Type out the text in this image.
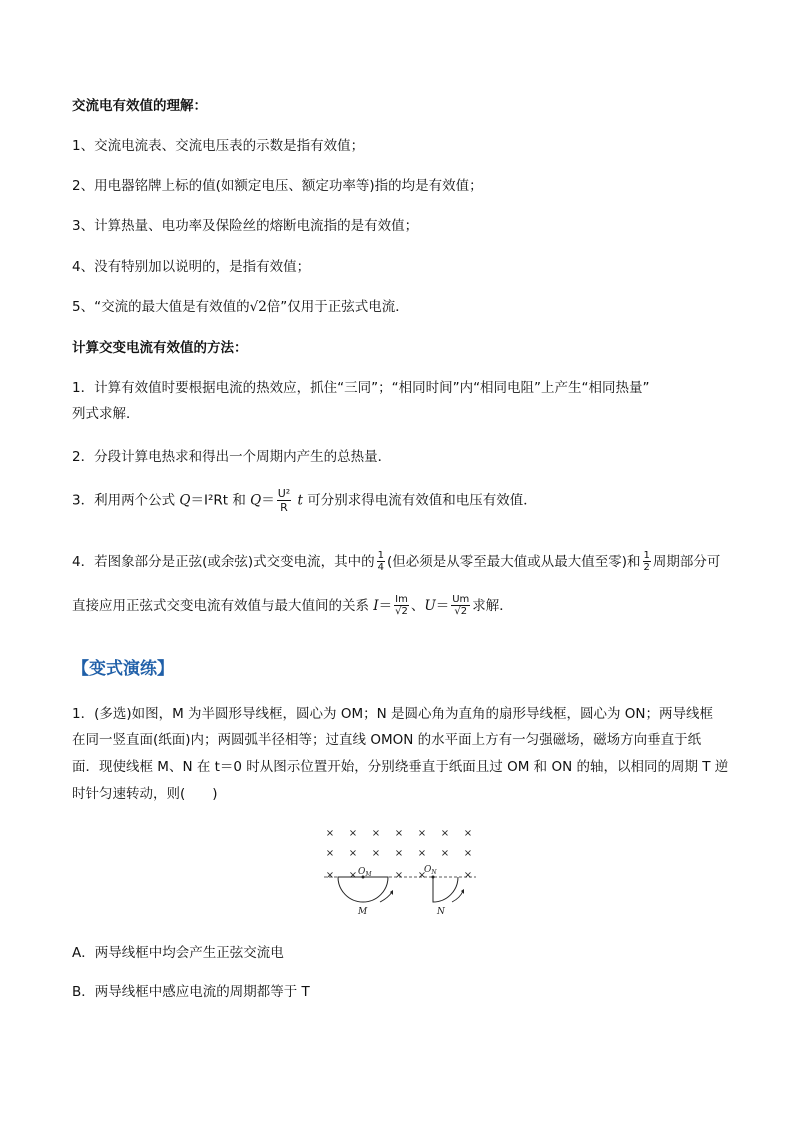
交流电有效值的理解：
1、交流电流表、交流电压表的示数是指有效值；
2、用电器铭牌上标的值(如额定电压、额定功率等)指的均是有效值；
3、计算热量、电功率及保险丝的熔断电流指的是有效值；
4、没有特别加以说明的，是指有效值；
5、“交流的最大值是有效值的√2倍”仅用于正弦式电流．
计算交变电流有效值的方法：
1．计算有效值时要根据电流的热效应，抓住“三同”；“相同时间”内“相同电阻”上产生“相同热量”
列式求解．
2．分段计算电热求和得出一个周期内产生的总热量．
3．利用两个公式 Q＝I²Rt 和 $Q= \frac{\text{U²}}{R}$ t 可分别求得电流有效值和电压有效值．
4．若图象部分是正弦(或余弦)式交变电流，其中的 $\frac{1}{4}$ (但必须是从零至最大值或从最大值至零)和 $\frac{1}{2}$ 周期部分可
直接应用正弦式交变电流有效值与最大值间的关系 $I= \frac{Im}{√2}$ 、$U= \frac{Um}{√2}$ 求解．
【变式演练】
1．(多选)如图，M 为半圆形导线框，圆心为 OM；N 是圆心角为直角的扇形导线框，圆心为 ON；两导线框
在同一竖直面(纸面)内；两圆弧半径相等；过直线 OMON 的水平面上方有一匀强磁场，磁场方向垂直于纸
面．现使线框 M、N 在 t＝0 时从图示位置开始，分别绕垂直于纸面且过 OM 和 ON 的轴，以相同的周期 T 逆
时针匀速转动，则(　　)
× × × × × × ×
× × × × × × ×
× ×	× ×	×
$O_M$
M
$O_N$
N
A．两导线框中均会产生正弦交流电
B．两导线框中感应电流的周期都等于 T
